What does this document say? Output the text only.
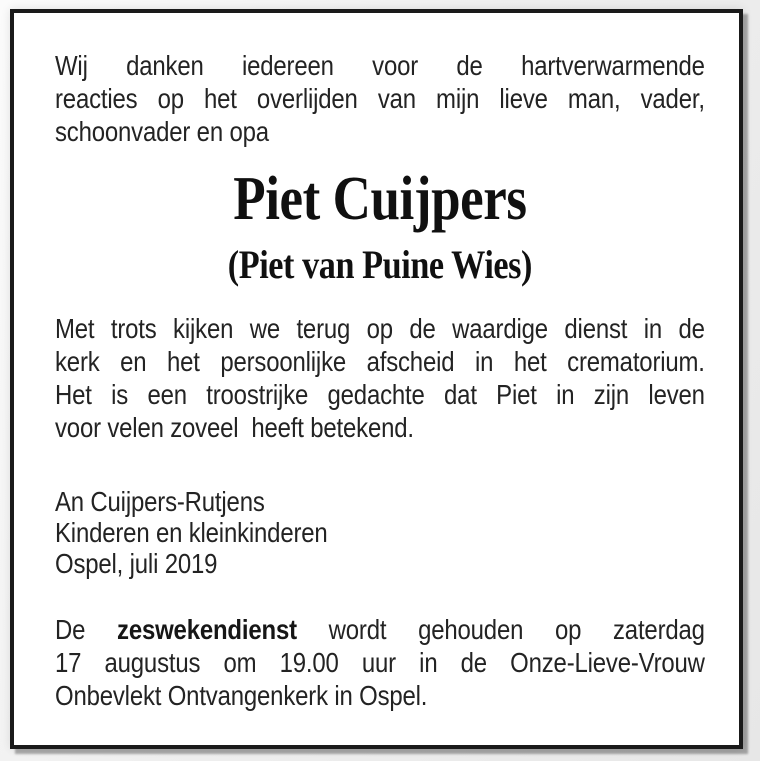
Wij danken iedereen voor de hartverwarmende
reacties op het overlijden van mijn lieve man, vader,
schoonvader en opa
Piet Cuijpers
(Piet van Puine Wies)
Met trots kijken we terug op de waardige dienst in de
kerk en het persoonlijke afscheid in het crematorium.
Het is een troostrijke gedachte dat Piet in zijn leven
voor velen zoveel  heeft betekend.
An Cuijpers-Rutjens
Kinderen en kleinkinderen
Ospel, juli 2019
De zeswekendienst wordt gehouden op zaterdag
17 augustus om 19.00 uur in de Onze-Lieve-Vrouw
Onbevlekt Ontvangenkerk in Ospel.
